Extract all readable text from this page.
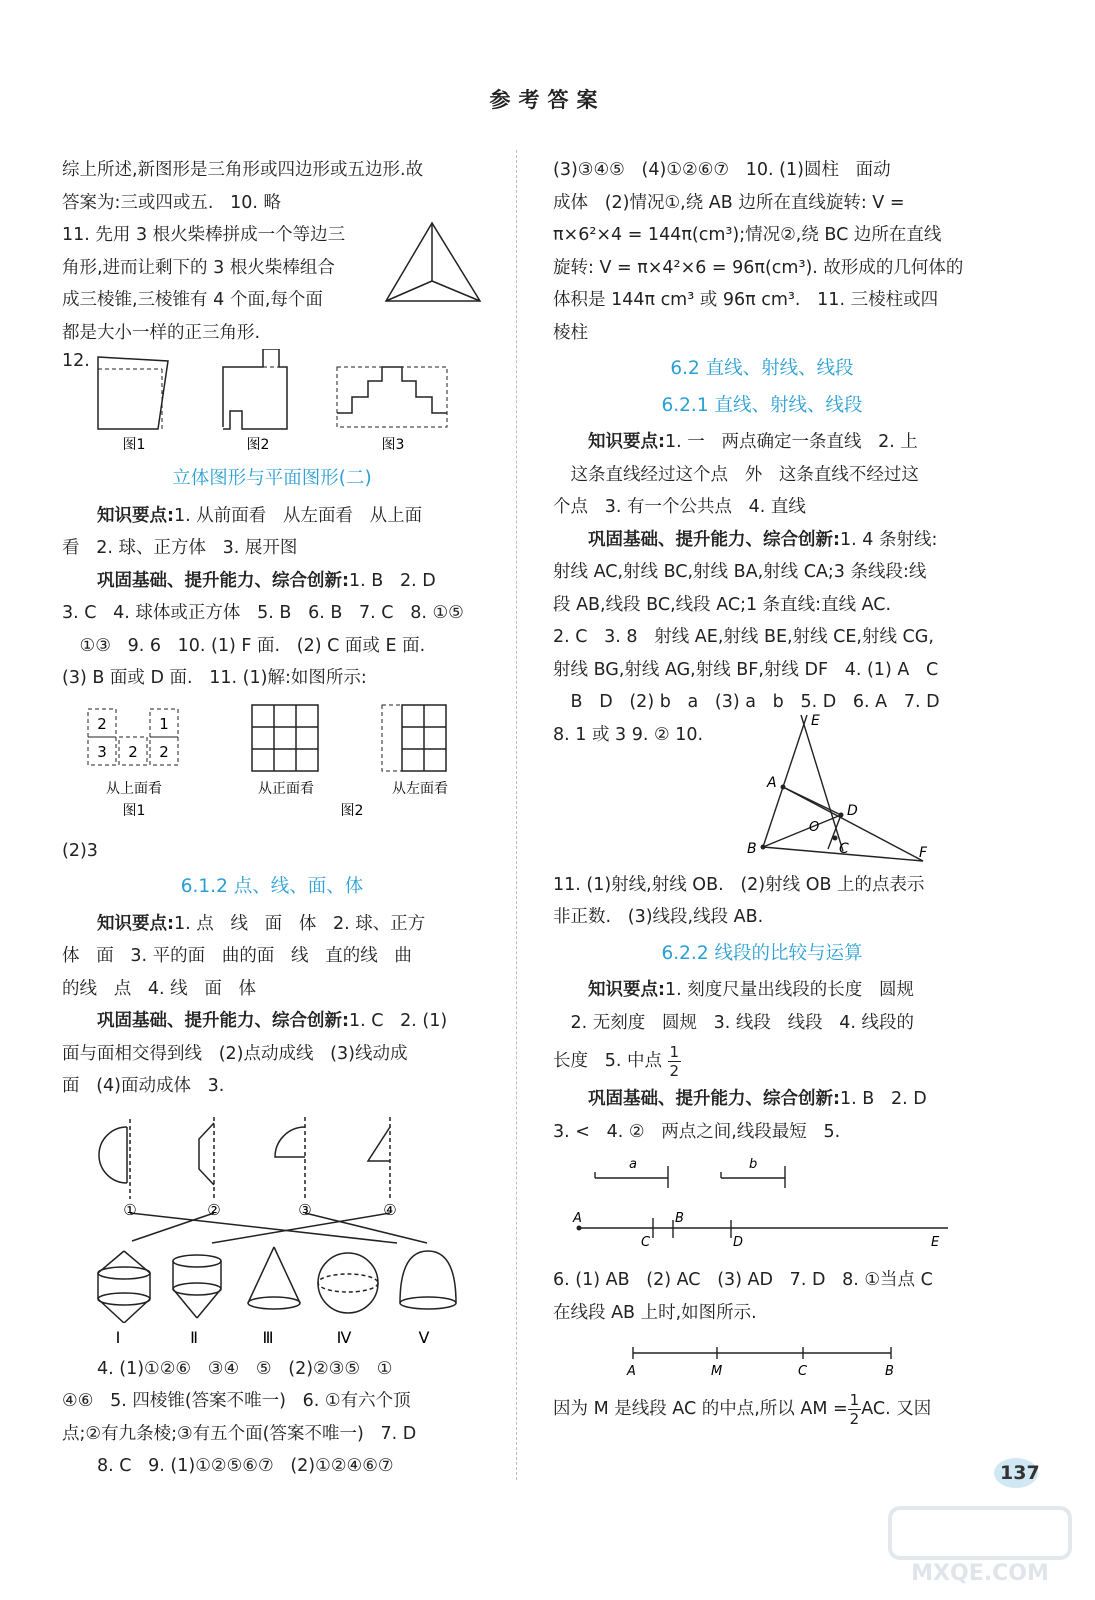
参考答案

综上所述,新图形是三角形或四边形或五边形.故

答案为:三或四或五.   10. 略

11. 先用 3 根火柴棒拼成一个等边三

角形,进而让剩下的 3 根火柴棒组合

成三棱锥,三棱锥有 4 个面,每个面

都是大小一样的正三角形.

12.
图1	图2	图3
立体图形与平面图形(二)

知识要点:1. 从前面看   从左面看   从上面

看   2. 球、正方体   3. 展开图

巩固基础、提升能力、综合创新:1. B   2. D

3. C   4. 球体或正方体   5. B   6. B   7. C   8. ①⑤

①③   9. 6   10. (1) F 面.   (2) C 面或 E 面.

(3) B 面或 D 面.   11. (1)解:如图所示:

2	1
3 2 2
从上面看	从正面看	从左面看
图1	图2

(2)3

6.1.2 点、线、面、体

知识要点:1. 点   线   面   体   2. 球、正方

体   面   3. 平的面   曲的面   线   直的线   曲

的线   点   4. 线   面   体

巩固基础、提升能力、综合创新:1. C   2. (1)

面与面相交得到线   (2)点动成线   (3)线动成

面   (4)面动成体   3.

①	②	③	④
Ⅰ	Ⅱ	Ⅲ	Ⅳ	Ⅴ

4. (1)①②⑥   ③④   ⑤   (2)②③⑤   ①

④⑥   5. 四棱锥(答案不唯一)   6. ①有六个顶

点;②有九条棱;③有五个面(答案不唯一)   7. D

8. C   9. (1)①②⑤⑥⑦   (2)①②④⑥⑦

(3)③④⑤   (4)①②⑥⑦   10. (1)圆柱   面动

成体   (2)情况①,绕 AB 边所在直线旋转: V =

π×6²×4 = 144π(cm³);情况②,绕 BC 边所在直线

旋转: V = π×4²×6 = 96π(cm³). 故形成的几何体的

体积是 144π cm³ 或 96π cm³.   11. 三棱柱或四

棱柱

6.2 直线、射线、线段
6.2.1 直线、射线、线段

知识要点:1. 一   两点确定一条直线   2. 上

这条直线经过这个点   外   这条直线不经过这

个点   3. 有一个公共点   4. 直线

巩固基础、提升能力、综合创新:1. 4 条射线:

射线 AC,射线 BC,射线 BA,射线 CA;3 条线段:线

段 AB,线段 BC,线段 AC;1 条直线:直线 AC.

2. C   3. 8   射线 AE,射线 BE,射线 CE,射线 CG,

射线 BG,射线 AG,射线 BF,射线 DF   4. (1) A   C

B   D   (2) b   a   (3) a   b   5. D   6. A   7. D

8. 1 或 3 9. ② 10.
E
A
D
O
B	C	F

11. (1)射线,射线 OB.   (2)射线 OB 上的点表示

非正数.   (3)线段,线段 AB.

6.2.2 线段的比较与运算

知识要点:1. 刻度尺量出线段的长度   圆规

2. 无刻度   圆规   3. 线段   线段   4. 线段的

长度   5. 中点 $\frac{1}{2}$

巩固基础、提升能力、综合创新:1. B   2. D

3. <   4. ②   两点之间,线段最短   5.

a	b
A
C
B
D	E

6. (1) AB   (2) AC   (3) AD   7. D   8. ①当点 C

在线段 AB 上时,如图所示.

A	M	C	B

因为 M 是线段 AC 的中点,所以 AM = $\frac{1}{2}$ AC. 又因

137
MXQE.COM
